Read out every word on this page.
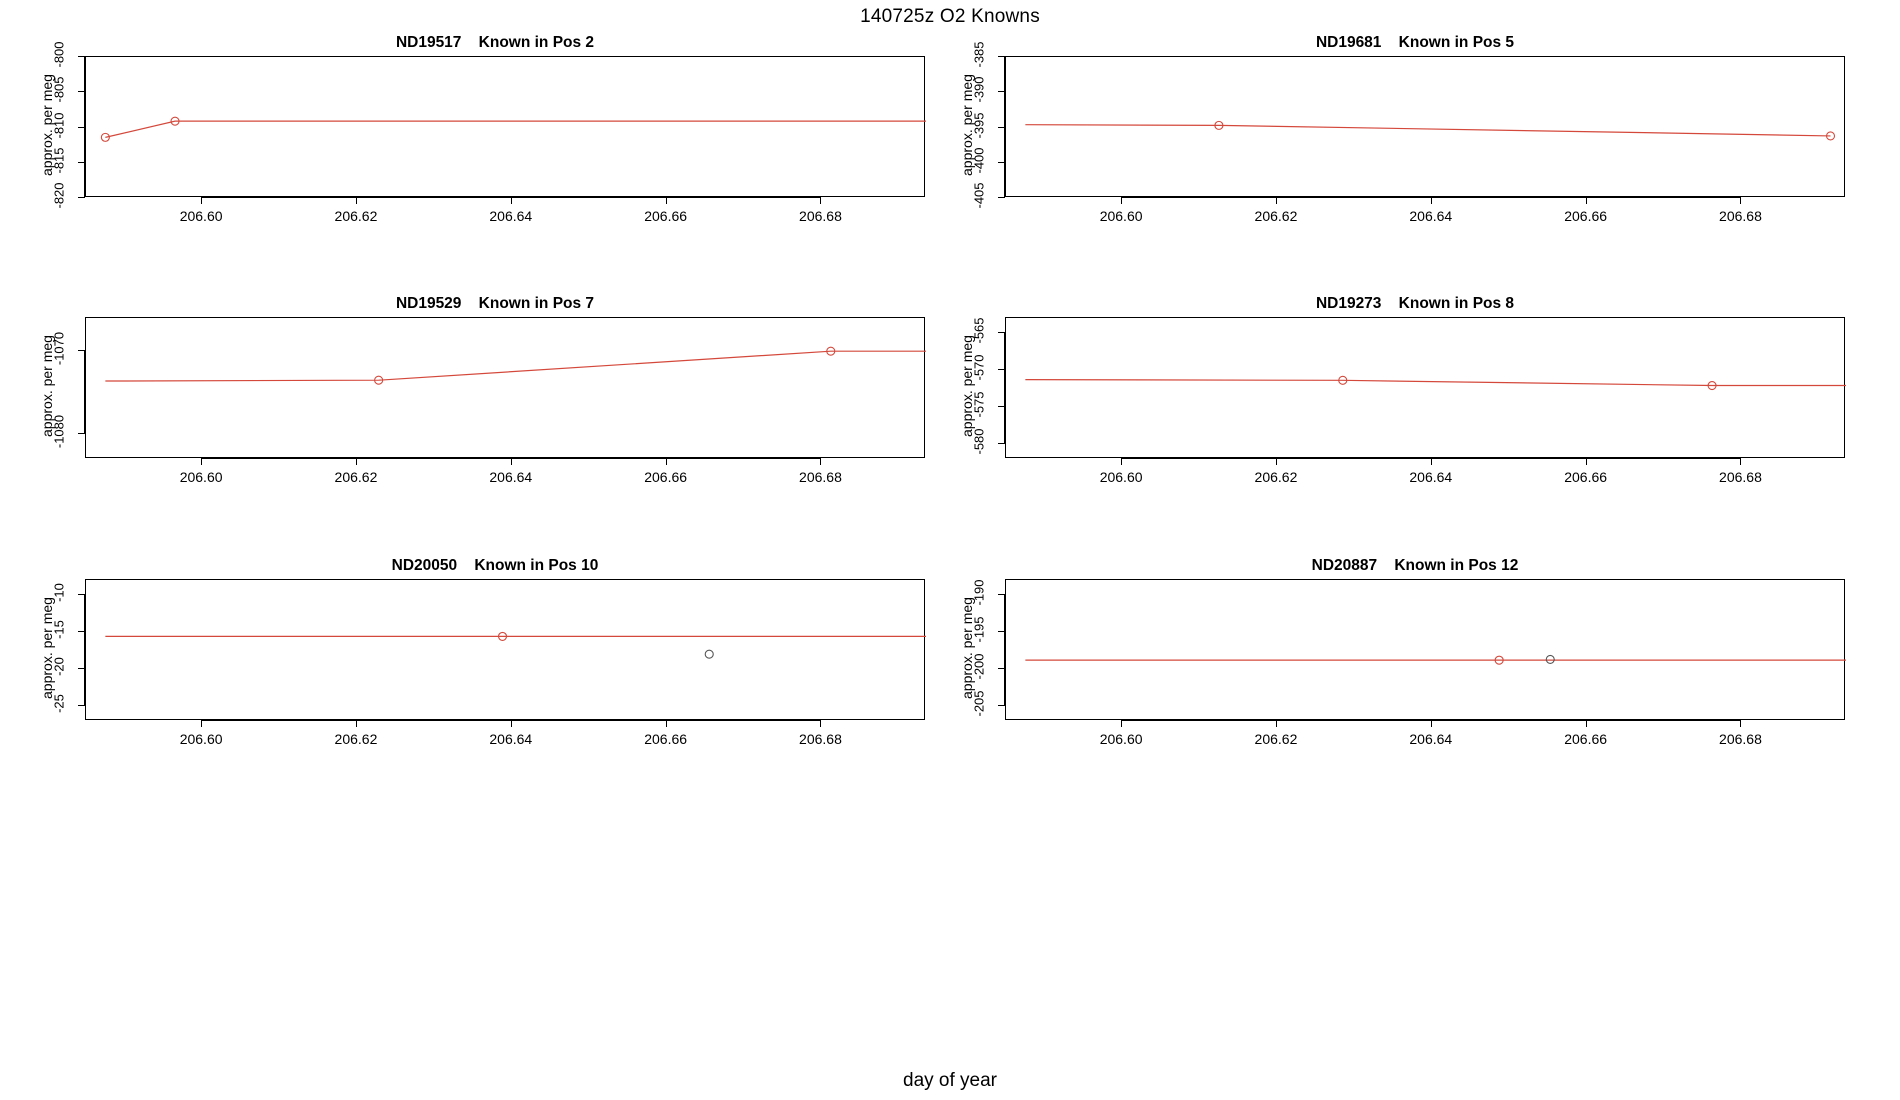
140725z O2 Knowns
day of year
ND19517    Known in Pos 2
-820
-815
-810
-805
-800
approx. per meg
206.60	206.62	206.64	206.66	206.68
ND19681    Known in Pos 5
-405
-400
-395
-390
-385
approx. per meg
206.60	206.62	206.64	206.66	206.68
ND19529    Known in Pos 7
-1080
-1070
approx. per meg
206.60	206.62	206.64	206.66	206.68
ND19273    Known in Pos 8
-580
-575
-570
-565
approx. per meg
206.60	206.62	206.64	206.66	206.68
ND20050    Known in Pos 10
-25
-20
-15
-10
approx. per meg
206.60	206.62	206.64	206.66	206.68
ND20887    Known in Pos 12
-205
-200
-195
-190
approx. per meg
206.60	206.62	206.64	206.66	206.68
